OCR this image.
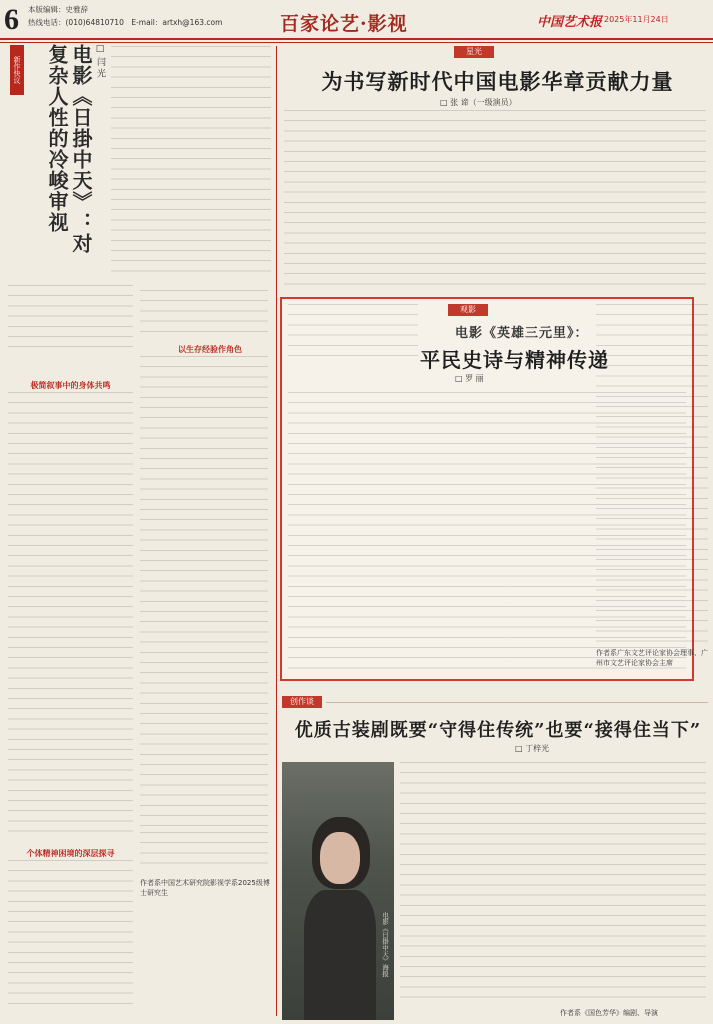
6 本版编辑：史雅辞
热线电话：(010)64810710　 E-mail：artxh@163.com	百家论艺·影视	中国艺术报 2025年11月24日
新作快议	电影《日掛中天》：对复杂人性的冷峻审视	□ 闫 光
极简叙事中的身体共鸣
以生存经验作角色
个体精神困境的深层探寻
作者系中国艺术研究院影视学系2025级博士研究生
星光
为书写新时代中国电影华章贡献力量
□ 张 谛（一级演员）
观影
电影《英雄三元里》：
平民史诗与精神传递
□ 罗 丽
作者系广东文艺评论家协会理事、广州市文艺评论家协会主席
创作谈
优质古装剧既要“守得住传统”也要“接得住当下”
□ 丁梓光
电影《日掛中天》海报
作者系《国色芳华》编剧、导演
